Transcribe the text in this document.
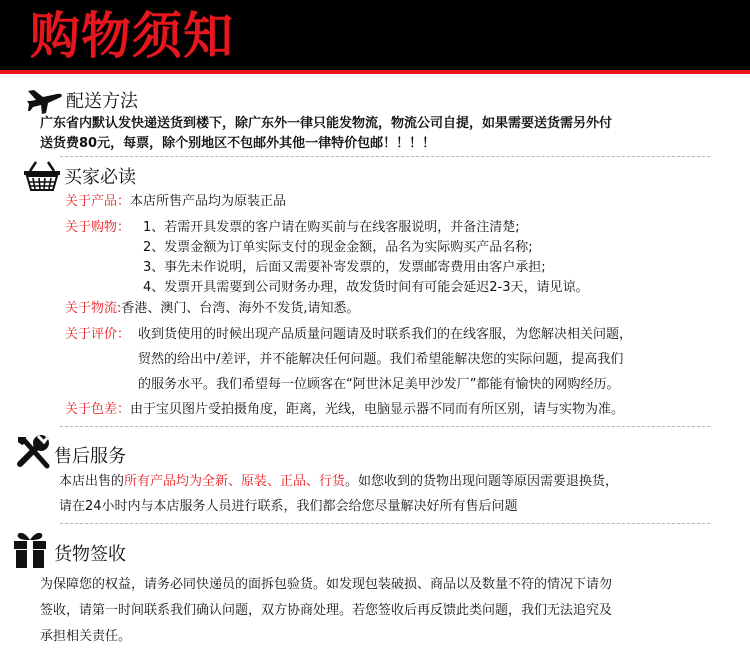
购物须知
配送方法
广东省内默认发快递送货到楼下，除广东外一律只能发物流，物流公司自提，如果需要送货需另外付
送货费80元，每票，除个别地区不包邮外其他一律特价包邮！！！！
买家必读
关于产品：本店所售产品均为原装正品
关于购物： 1、若需开具发票的客户请在购买前与在线客服说明，并备注清楚;
2、发票金额为订单实际支付的现金金额，品名为实际购买产品名称;
3、事先未作说明，后面又需要补寄发票的，发票邮寄费用由客户承担;
4、发票开具需要到公司财务办理，故发货时间有可能会延迟2-3天，请见谅。
关于物流:香港、澳门、台湾、海外不发货,请知悉。
关于评价： 收到货使用的时候出现产品质量问题请及时联系我们的在线客服，为您解决相关问题，
贸然的给出中/差评，并不能解决任何问题。我们希望能解决您的实际问题，提高我们
的服务水平。我们希望每一位顾客在“阿世沐足美甲沙发厂”都能有愉快的网购经历。
关于色差：由于宝贝图片受拍摄角度，距离，光线，电脑显示器不同而有所区别，请与实物为准。
售后服务
本店出售的所有产品均为全新、原装、正品、行货。如您收到的货物出现问题等原因需要退换货，
请在24小时内与本店服务人员进行联系，我们都会给您尽量解决好所有售后问题
货物签收
为保障您的权益，请务必同快递员的面拆包验货。如发现包装破损、商品以及数量不符的情况下请勿
签收，请第一时间联系我们确认问题，双方协商处理。若您签收后再反馈此类问题，我们无法追究及
承担相关责任。
